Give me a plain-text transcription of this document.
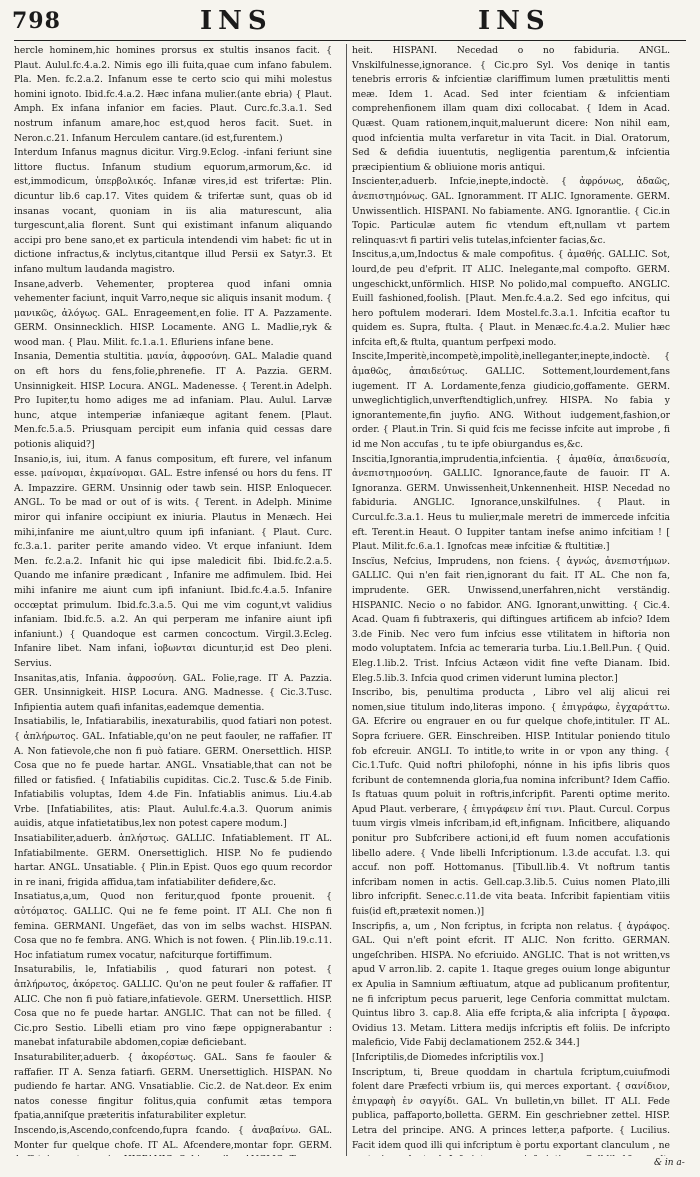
798	INS	INS

hercle hominem,hic homines prorsus ex stultis insanos facit. { Plaut. Aulul.fc.4.a.2. Nimis ego illi fuita,quae cum infano fabulem. Pla. Men. fc.2.a.2. Infanum esse te certo scio qui mihi molestus homini ignoto. Ibid.fc.4.a.2. Hæc infana mulier.(ante ebria) { Plaut. Amph. Ex infana infanior em facies. Plaut. Curc.fc.3.a.1. Sed nostrum infanum amare,hoc est,quod heros facit. Suet. in Neron.c.21. Infanum Herculem cantare.(id est,furentem.)

Interdum Infanus magnus dicitur. Virg.9.Eclog. -infani feriunt sine littore fluctus. Infanum studium equorum,armorum,&c. id est,immodicum, ὑπερβολικός. Infanæ vires,id est trifertæ: Plin. dicuntur lib.6 cap.17. Vites quidem & trifertæ sunt, quas ob id insanas vocant, quoniam in iis alia maturescunt, alia turgescunt,alia florent. Sunt qui existimant infanum aliquando accipi pro bene sano,et ex particula intendendi vim habet: fic ut in dictione infractus,& inclytus,citantque illud Persii ex Satyr.3. Et infano multum laudanda magistro.

Insane,adverb. Vehementer, propterea quod infani omnia vehementer faciunt, inquit Varro,neque sic aliquis insanit modum. { μανικῶς, ἀλόγως. GAL. Enrageement,en folie. IT A. Pazzamente. GERM. Onsinnecklich. HISP. Locamente. ANG L. Madlie,ryk & wood man. { Plau. Milit. fc.1.a.1. Efluriens infane bene.

Insania, Dementia stultitia. μανία, ἀφροσύνη. GAL. Maladie quand on eft hors du fens,folie,phrenefie. IT A. Pazzia. GERM. Unsinnigkeit. HISP. Locura. ANGL. Madenesse. { Terent.in Adelph. Pro Iupiter,tu homo adiges me ad infaniam. Plau. Aulul. Larvæ hunc, atque intemperiæ infaniæque agitant fenem. [Plaut. Men.fc.5.a.5. Priusquam percipit eum infania quid cessas dare potionis aliquid?]

Insanio,is, iui, itum. A fanus compositum, eft furere, vel infanum esse. μαίνομαι, ἐκμαίνομαι. GAL. Estre infensé ou hors du fens. IT A. Impazzire. GERM. Unsinnig oder tawb sein. HISP. Enloquecer. ANGL. To be mad or out of is wits. { Terent. in Adelph. Minime miror qui infanire occipiunt ex iniuria. Plautus in Menæch. Hei mihi,infanire me aiunt,ultro quum ipfi infaniant. { Plaut. Curc. fc.3.a.1. pariter perite amando video. Vt erque infaniunt. Idem Men. fc.2.a.2. Infanit hic qui ipse maledicit fibi. Ibid.fc.2.a.5. Quando me infanire prædicant , Infanire me adfimulem. Ibid. Hei mihi infanire me aiunt cum ipfi infaniunt. Ibid.fc.4.a.5. Infanire occœptat primulum. Ibid.fc.3.a.5. Qui me vim cogunt,vt validius infaniam. Ibid.fc.5. a.2. An qui perperam me infanire aiunt ipfi infaniunt.) { Quandoque est carmen concoctum. Virgil.3.Ecleg. Infanire libet. Nam infani, ἰοβωνται dicuntur,id est Deo pleni. Servius.

Insanitas,atis, Infania. ἀφροσύνη. GAL. Folie,rage. IT A. Pazzia. GER. Unsinnigkeit. HISP. Locura. ANG. Madnesse. { Cic.3.Tusc. Infipientia autem quafi infanitas,eademque dementia.

Insatiabilis, le, Infatiarabilis, inexaturabilis, quod fatiari non potest. { ἀπλήρωτος. GAL. Infatiable,qu'on ne peut faouler, ne raffafier. IT A. Non fatievole,che non fi può fatiare. GERM. Onersettlich. HISP. Cosa que no fe puede hartar. ANGL. Vnsatiable,that can not be filled or fatisfied. { Infatiabilis cupiditas. Cic.2. Tusc.& 5.de Finib. Infatiabilis voluptas, Idem 4.de Fin. Infatiablis animus. Liu.4.ab Vrbe. [Infatiabilites, atis: Plaut. Aulul.fc.4.a.3. Quorum animis auidis, atque infatietatibus,lex non potest capere modum.]

Insatiabiliter,aduerb. ἀπλήστως. GALLIC. Infatiablement. IT AL. Infatiabilmente. GERM. Onersettiglich. HISP. No fe pudiendo hartar. ANGL. Unsatiable. { Plin.in Epist. Quos ego quum recordor in re inani, frigida affidua,tam infatiabiliter defidere,&c.

Insatiatus,a,um, Quod non feritur,quod fponte prouenit. { αὐτόματος. GALLIC. Qui ne fe feme point. IT ALI. Che non fi femina. GERMANI. Ungefäet, das von im selbs wachst. HISPAN. Cosa que no fe fembra. ANG. Which is not fowen. { Plin.lib.19.c.11. Hoc infatiatum rumex vocatur, nafciturque fortiffimum.

Insaturabilis, le, Infatiabilis , quod faturari non potest. { ἀπλήρωτος, ἀκόρετος. GALLIC. Qu'on ne peut fouler & raffafier. IT ALIC. Che non fi può fatiare,infatievole. GERM. Unersettlich. HISP. Cosa que no fe puede hartar. ANGLIC. That can not be filled. { Cic.pro Sestio. Libelli etiam pro vino fæpe oppignerabantur : manebat infaturabile abdomen,copiæ deficiebant.

Insaturabiliter,aduerb. { ἀκορέστως. GAL. Sans fe faouler & raffafier. IT A. Senza fatiarfi. GERM. Unersettiglich. HISPAN. No pudiendo fe hartar. ANG. Vnsatiablie. Cic.2. de Nat.deor. Ex enim natos conesse fingitur folitus,quia confumit ætas tempora fpatia,anniſque præteritis infaturabiliter expletur.

Inscendo,is,Ascendo,confcendo,fupra fcando. { ἀναβαίνω. GAL. Monter fur quelque chofe. IT AL. Afcendere,montar fopr. GERM.

heit. HISPANI. Necedad o no fabiduria. ANGL. Vnskilfulnesse,ignorance. { Cic.pro Syl. Vos deniqe in tantis tenebris erroris & infcientiæ clariffimum lumen prætulittis menti meæ. Idem 1. Acad. Sed inter fcientiam & infcientiam comprehenfionem illam quam dixi collocabat. { Idem in Acad. Quæst. Quam rationem,inquit,maluerunt dicere: Non nihil eam, quod infcientia multa verfaretur in vita Tacit. in Dial. Oratorum, Sed & defidia iuuentutis, negligentia parentum,& infcientia præcipientium & obliuione moris antiqui.

Inscienter,aduerb. Infcie,inepte,indoctè. { ἀφρόνως, ἀδαῶς, ἀνεπιστημόνως. GAL. Ignoramment. IT ALIC. Ignoramente. GERM. Unwissentlich. HISPANI. No fabiamente. ANG. Ignorantlie. { Cic.in Topic. Particulæ autem fic vtendum eft,nullam vt partem relinquas:vt fi partiri velis tutelas,infcienter facias,&c.

Inscitus,a,um,Indoctus & male compofitus. { ἀμαθής. GALLIC. Sot, lourd,de peu d'efprit. IT ALIC. Inelegante,mal compofto. GERM. ungeschickt,unförmlich. HISP. No polido,mal compuefto. ANGLIC. Euill fashioned,foolish. [Plaut. Men.fc.4.a.2. Sed ego infcitus, qui hero poftulem moderari. Idem Mostel.fc.3.a.1. Infcitia ecaftor tu quidem es. Supra, ftulta. { Plaut. in Menæc.fc.4.a.2. Mulier hæc infcita eft,& ftulta, quantum perfpexi modo.

Inscite,Imperitè,incompetè,impolitè,inelleganter,inepte,indoctè. { ἀμαθῶς, ἀπαιδεύτως. GALLIC. Sottement,lourdement,fans iugement. IT A. Lordamente,fenza giudicio,goffamente. GERM. unweglichtiglich,unverftendtiglich,unfrey. HISPA. No fabia y ignorantemente,fin juyfio. ANG. Without iudgement,fashion,or order. { Plaut.in Trin. Si quid fcis me fecisse infcite aut improbe , fi id me Non accufas , tu te ipfe obiurgandus es,&c.

Inscitia,Ignorantia,imprudentia,infcientia. { ἀμαθία, ἀπαιδευσία, ἀνεπιστημοσύνη. GALLIC. Ignorance,faute de fauoir. IT A. Ignoranza. GERM. Unwissenheit,Unkennenheit. HISP. Necedad no fabiduria. ANGLIC. Ignorance,unskilfulnes. { Plaut. in Curcul.fc.3.a.1. Heus tu mulier,male meretri de immercede infcitia eft. Terent.in Heaut. O Iuppiter tantam inefse animo infcitiam ! [ Plaut. Milit.fc.6.a.1. Ignofcas meæ infcitiæ & ftultitiæ.]

Inscïus, Nefcius, Imprudens, non fciens. { ἀγνώς, ἀνεπιστήμων. GALLIC. Qui n'en fait rien,ignorant du fait. IT AL. Che non fa, imprudente. GER. Unwissend,unerfahren,nicht verständig. HISPANIC. Necio o no fabidor. ANG. Ignorant,unwitting. { Cic.4. Acad. Quam fi fubtraxeris, qui diftingues artificem ab infcio? Idem 3.de Finib. Nec vero fum infcius esse vtilitatem in hiftoria non modo voluptatem. Infcia ac temeraria turba. Liu.1.Bell.Pun. { Quid. Eleg.1.lib.2. Trist. Infcius Actæon vidit fine vefte Dianam. Ibid. Eleg.5.lib.3. Infcia quod crimen viderunt lumina plector.]

Inscribo, bis, penultima producta , Libro vel alij alicui rei nomen,siue titulum indo,literas impono. { ἐπιγράφω, ἐγχαράττω. GA. Efcrire ou engrauer en ou fur quelque chofe,intituler. IT AL. Sopra fcriuere. GER. Einschreiben. HISP. Intitular poniendo titulo fob efcreuir. ANGLI. To intitle,to write in or vpon any thing. { Cic.1.Tufc. Quid noftri philofophi, nónne in his ipfis libris quos fcribunt de contemnenda gloria,fua nomina infcribunt? Idem Caffio. Is ftatuas quum poluit in roftris,infcripfit. Parenti optime merito. Apud Plaut. verberare, { ἐπιγράφειν ἐπί τινι. Plaut. Curcul. Corpus tuum virgis vlmeis infcribam,id eft,infignam. Inficitbere, aliquando ponitur pro Subfcribere actioni,id eft fuum nomen accufationis libello adere. { Vnde libelli Infcriptionum. l.3.de accufat. l.3. qui accuf. non poff. Hottomanus. [Tibull.lib.4. Vt noftrum tantis infcribam nomen in actis. Gell.cap.3.lib.5. Cuius nomen Plato,illi libro infcripfit. Senec.c.11.de vita beata. Infcribit fapientiam vitiis fuis(id eft,prætexit nomen.)]

Inscripfis, a, um , Non fcriptus, in fcripta non relatus. { ἀγράφος. GAL. Qui n'eft point efcrit. IT ALIC. Non fcritto. GERMAN. ungeſchriben. HISPA. No efcriuido. ANGLIC. That is not written,vs apud V arron.lib. 2. capite 1. Itaque greges ouium longe abiguntur ex Apulia in Samnium æftiuatum, atque ad publicanum profitentur, ne fi infcriptum pecus paruerit, lege Cenforia committat mulctam. Quintus libro 3. cap.8. Alia effe fcripta,& alia infcripta [ ἄγραφα. Ovidius 13. Metam. Littera medijs infcriptis eft foliis. De infcripto maleficio, Vide Fabij declamationem 252.& 344.]

[Infcriptilis,de Diomedes infcriptilis vox.]

Inscriptum, ti, Breue quoddam in chartula fcriptum,cuiufmodi folent dare Præfecti vrbium iis, qui merces exportant. { σανίδιον, ἐπιγραφὴ ἐν σαγγίδι. GAL. Vn bulletin,vn billet. IT ALI. Fede publica, paffaporto,bolletta. GERM. Ein geschriebner zettel. HISP. Letra del principe. ANG. A princes letter,a pafporte. { Lucilius. Facit idem quod illi qui infcriptum è portu exportant clanculum , ne

& in a-
